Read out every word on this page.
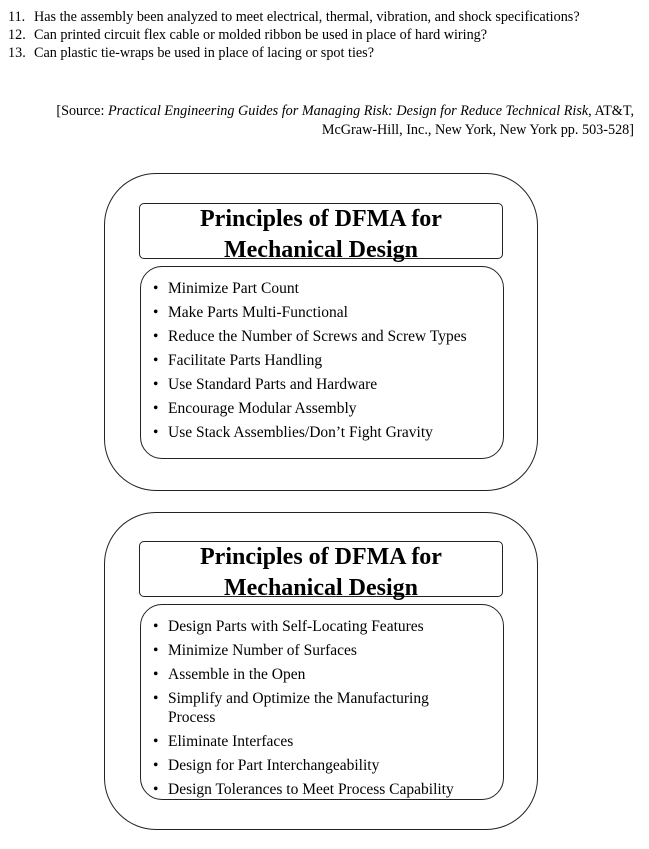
11. Has the assembly been analyzed to meet electrical, thermal, vibration, and shock specifications?
12. Can printed circuit flex cable or molded ribbon be used in place of hard wiring?
13. Can plastic tie-wraps be used in place of lacing or spot ties?
[Source: Practical Engineering Guides for Managing Risk: Design for Reduce Technical Risk, AT&T, McGraw-Hill, Inc., New York, New York pp. 503-528]
Principles of DFMA for
Mechanical Design
• Minimize Part Count
• Make Parts Multi-Functional
• Reduce the Number of Screws and Screw Types
• Facilitate Parts Handling
• Use Standard Parts and Hardware
• Encourage Modular Assembly
• Use Stack Assemblies/Don’t Fight Gravity
Principles of DFMA for
Mechanical Design
• Design Parts with Self-Locating Features
• Minimize Number of Surfaces
• Assemble in the Open
• Simplify and Optimize the Manufacturing Process
• Eliminate Interfaces
• Design for Part Interchangeability
• Design Tolerances to Meet Process Capability
